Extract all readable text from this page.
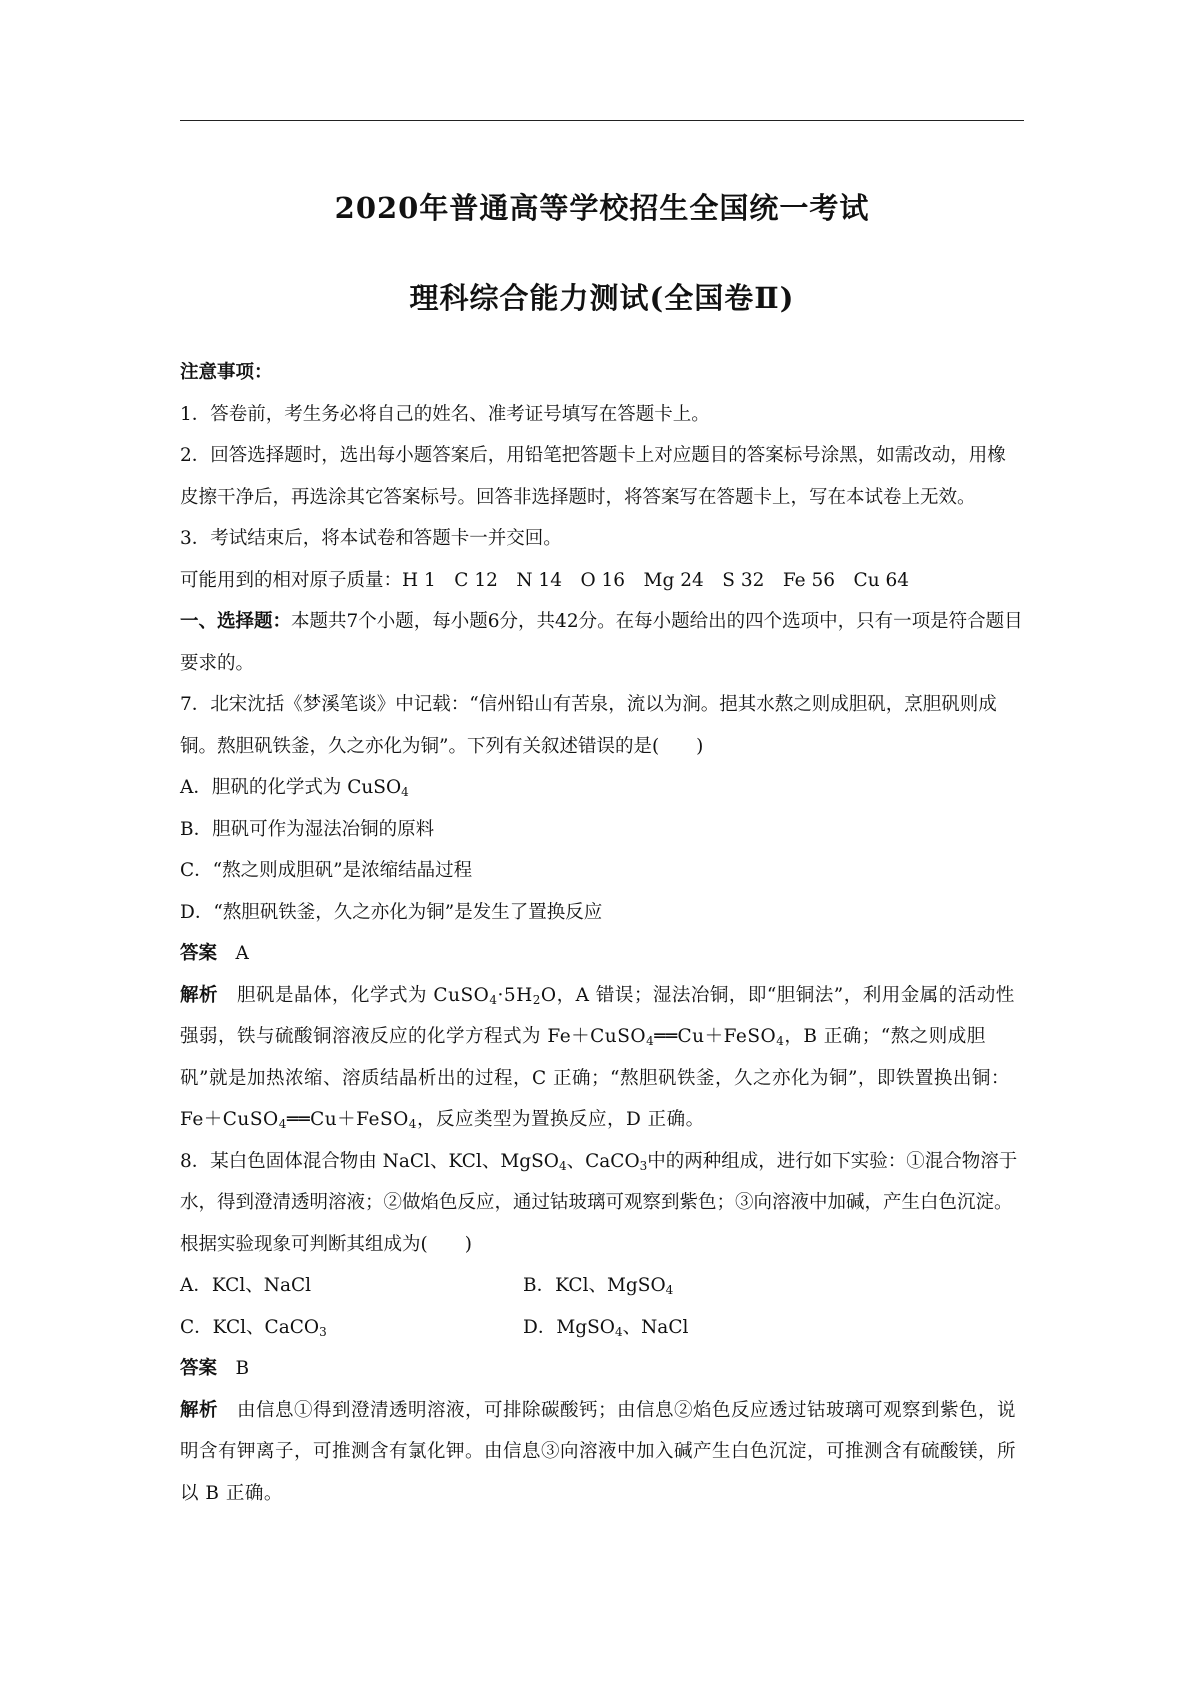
2020年普通高等学校招生全国统一考试
理科综合能力测试(全国卷Ⅱ)

注意事项：

1．答卷前，考生务必将自己的姓名、准考证号填写在答题卡上。

2．回答选择题时，选出每小题答案后，用铅笔把答题卡上对应题目的答案标号涂黑，如需改动，用橡皮擦干净后，再选涂其它答案标号。回答非选择题时，将答案写在答题卡上，写在本试卷上无效。

3．考试结束后，将本试卷和答题卡一并交回。

可能用到的相对原子质量：H 1　C 12　N 14　O 16　Mg 24　S 32　Fe 56　Cu 64

一、选择题：本题共7个小题，每小题6分，共42分。在每小题给出的四个选项中，只有一项是符合题目要求的。

7．北宋沈括《梦溪笔谈》中记载：“信州铅山有苦泉，流以为涧。挹其水熬之则成胆矾，烹胆矾则成铜。熬胆矾铁釜，久之亦化为铜”。下列有关叙述错误的是(　　)

A．胆矾的化学式为 CuSO$_4$

B．胆矾可作为湿法冶铜的原料

C．“熬之则成胆矾”是浓缩结晶过程

D．“熬胆矾铁釜，久之亦化为铜”是发生了置换反应

答案　 A

解析　 胆矾是晶体，化学式为 $CuSO_4\cdot 5H_2O$，A 错误；湿法冶铜，即“胆铜法”，利用金属的活动性强弱，铁与硫酸铜溶液反应的化学方程式为 Fe＋CuSO$_4$══Cu＋FeSO$_4$，B 正确；“熬之则成胆矾”就是加热浓缩、溶质结晶析出的过程，C 正确；“熬胆矾铁釜，久之亦化为铜”，即铁置换出铜：Fe＋CuSO$_4$══Cu＋FeSO$_4$，反应类型为置换反应，D 正确。

8．某白色固体混合物由 NaCl、KCl、MgSO$_4$、CaCO$_3$中的两种组成，进行如下实验：①混合物溶于水，得到澄清透明溶液；②做焰色反应，通过钴玻璃可观察到紫色；③向溶液中加碱，产生白色沉淀。根据实验现象可判断其组成为(　　)

A．KCl、NaCl	B．KCl、MgSO$_4$
C．KCl、CaCO$_3$	D．MgSO$_4$、NaCl

答案　 B

解析　 由信息①得到澄清透明溶液，可排除碳酸钙；由信息②焰色反应透过钴玻璃可观察到紫色，说明含有钾离子，可推测含有氯化钾。由信息③向溶液中加入碱产生白色沉淀，可推测含有硫酸镁，所以 B 正确。
